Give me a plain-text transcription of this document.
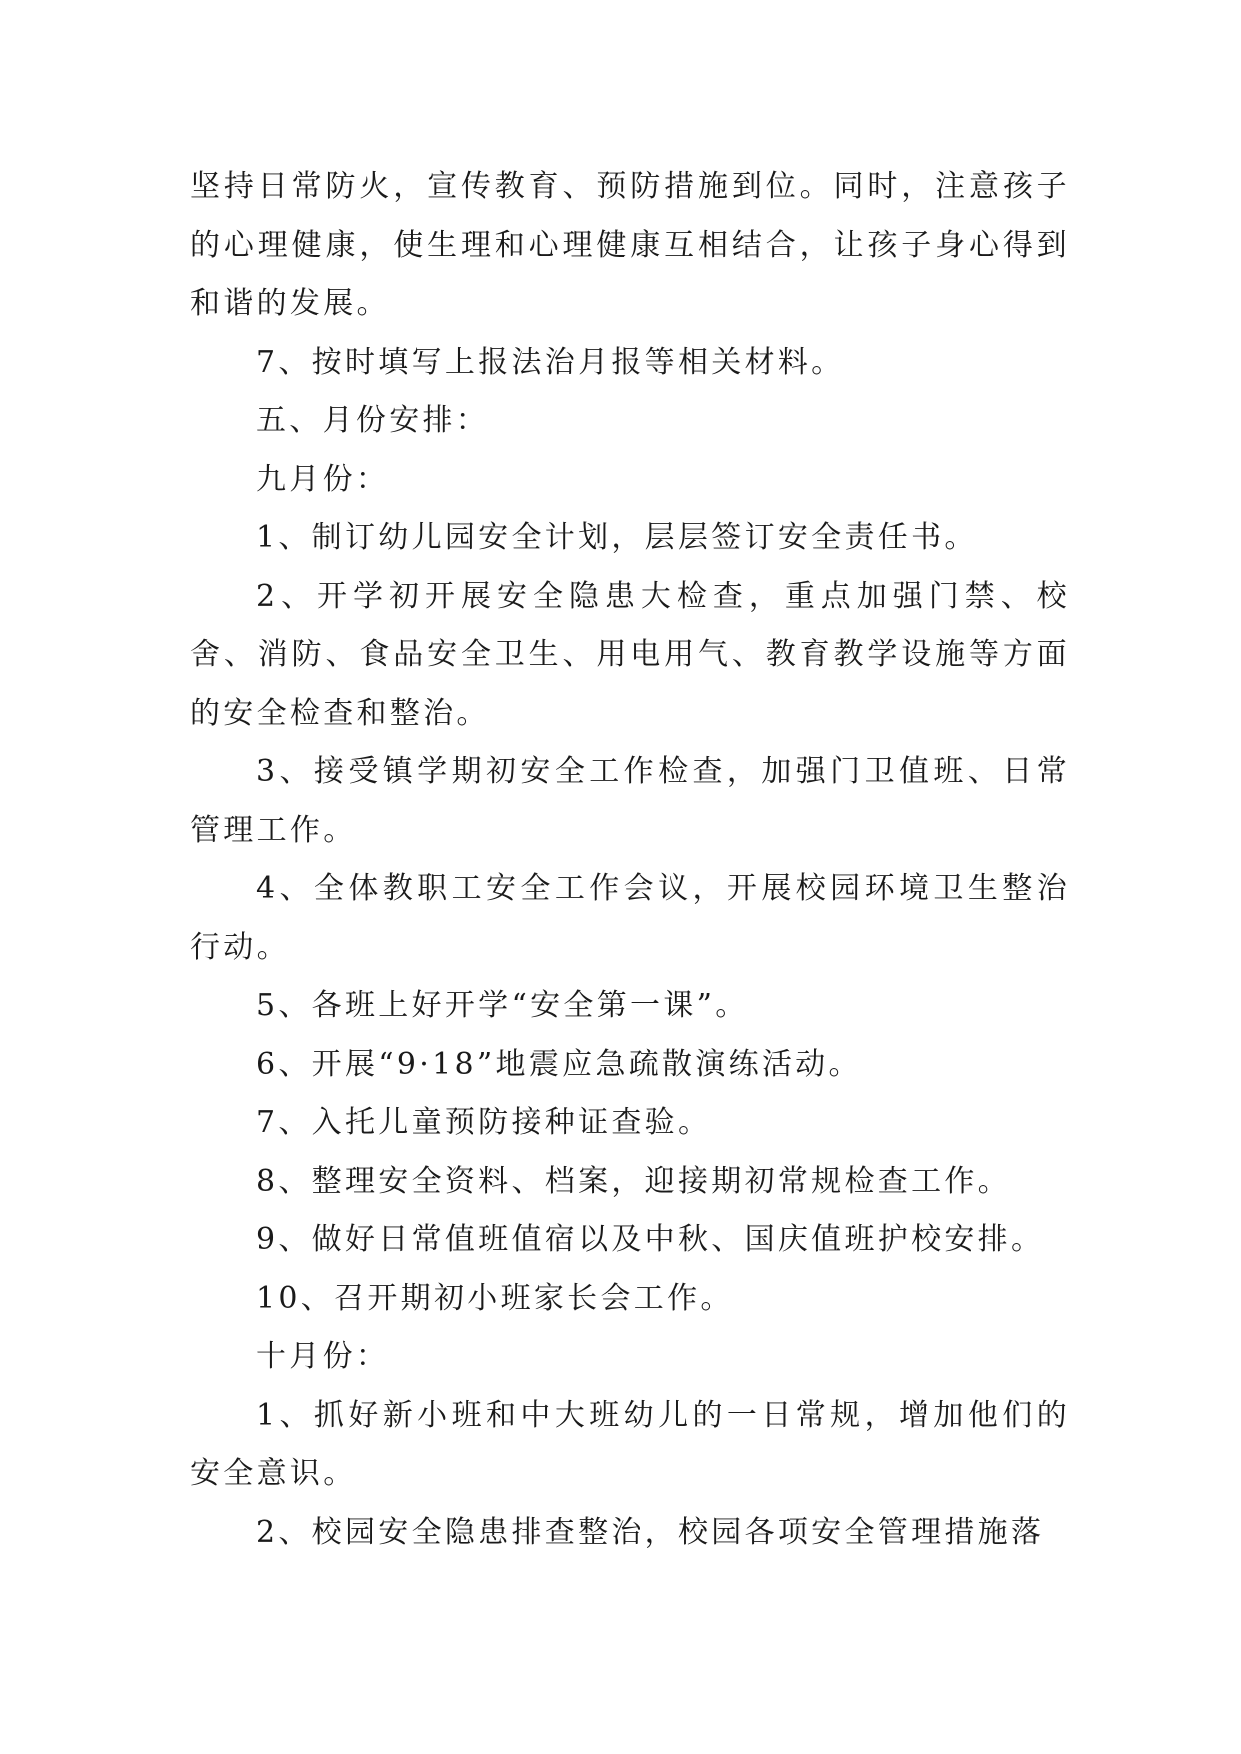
坚持日常防火，宣传教育、预防措施到位。同时，注意孩子的心理健康，使生理和心理健康互相结合，让孩子身心得到和谐的发展。

7、按时填写上报法治月报等相关材料。

五、月份安排：

九月份：

1、制订幼儿园安全计划，层层签订安全责任书。

2、开学初开展安全隐患大检查，重点加强门禁、校舍、消防、食品安全卫生、用电用气、教育教学设施等方面的安全检查和整治。

3、接受镇学期初安全工作检查，加强门卫值班、日常管理工作。

4、全体教职工安全工作会议，开展校园环境卫生整治行动。

5、各班上好开学“安全第一课”。

6、开展“9·18”地震应急疏散演练活动。

7、入托儿童预防接种证查验。

8、整理安全资料、档案，迎接期初常规检查工作。

9、做好日常值班值宿以及中秋、国庆值班护校安排。

10、召开期初小班家长会工作。

十月份：

1、抓好新小班和中大班幼儿的一日常规，增加他们的安全意识。

2、校园安全隐患排查整治，校园各项安全管理措施落
